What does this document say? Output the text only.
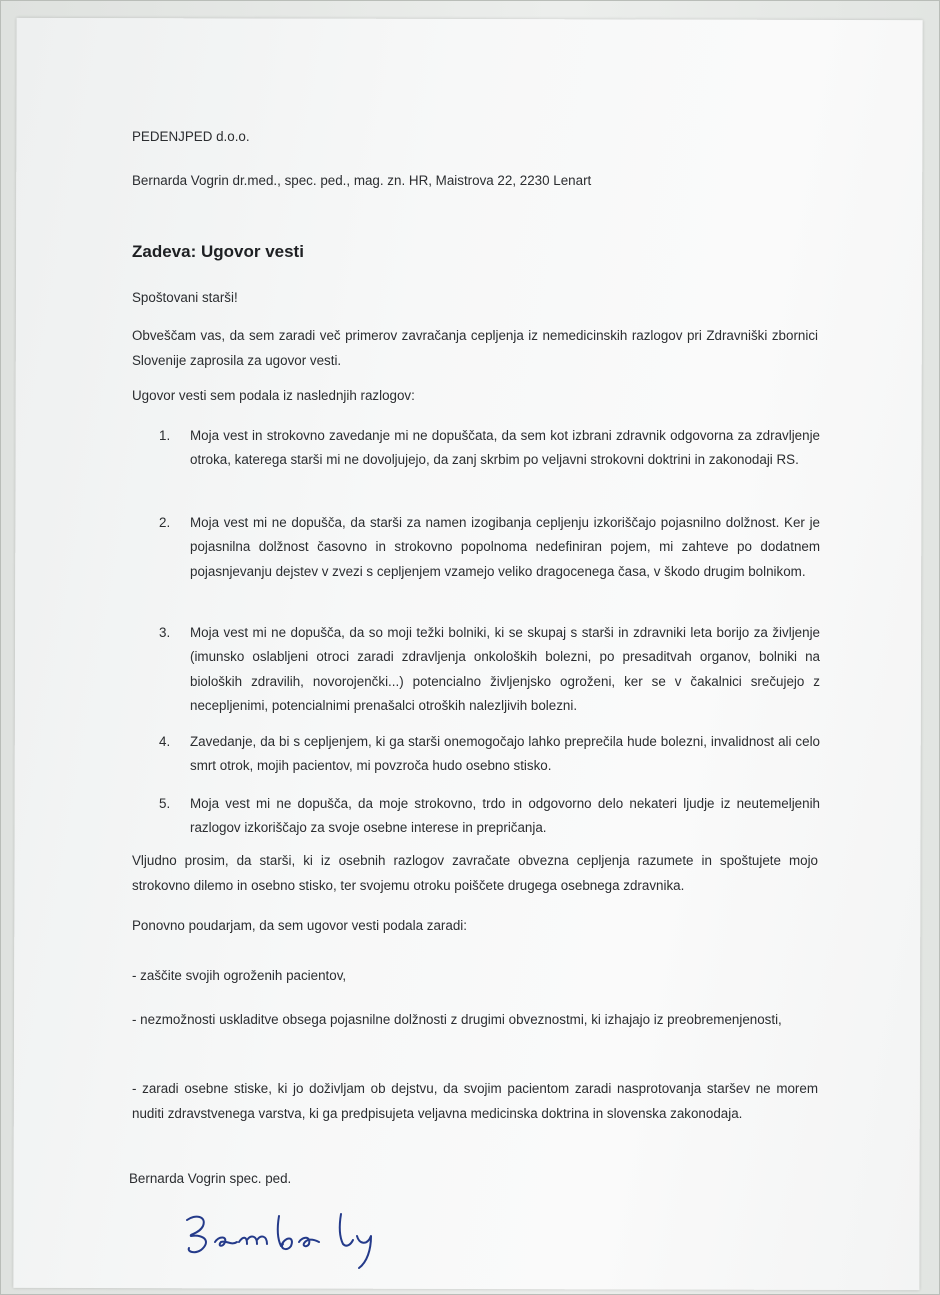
PEDENJPED d.o.o.
Bernarda Vogrin dr.med., spec. ped., mag. zn. HR, Maistrova 22, 2230 Lenart
Zadeva: Ugovor vesti
Spoštovani starši!
Obveščam vas, da sem zaradi več primerov zavračanja cepljenja iz nemedicinskih razlogov pri Zdravniški zbornici Slovenije zaprosila za ugovor vesti.
Ugovor vesti sem podala iz naslednjih razlogov:
1.	Moja vest in strokovno zavedanje mi ne dopuščata, da sem kot izbrani zdravnik odgovorna za zdravljenje otroka, katerega starši mi ne dovoljujejo, da zanj skrbim po veljavni strokovni doktrini in zakonodaji RS.
2.	Moja vest mi ne dopušča, da starši za namen izogibanja cepljenju izkoriščajo pojasnilno dolžnost. Ker je pojasnilna dolžnost časovno in strokovno popolnoma nedefiniran pojem, mi zahteve po dodatnem pojasnjevanju dejstev v zvezi s cepljenjem vzamejo veliko dragocenega časa, v škodo drugim bolnikom.
3.	Moja vest mi ne dopušča, da so moji težki bolniki, ki se skupaj s starši in zdravniki leta borijo za življenje (imunsko oslabljeni otroci zaradi zdravljenja onkoloških bolezni, po presaditvah organov, bolniki na bioloških zdravilih, novorojenčki...) potencialno življenjsko ogroženi, ker se v čakalnici srečujejo z necepljenimi, potencialnimi prenašalci otroških nalezljivih bolezni.
4.	Zavedanje, da bi s cepljenjem, ki ga starši onemogočajo lahko preprečila hude bolezni, invalidnost ali celo smrt otrok, mojih pacientov, mi povzroča hudo osebno stisko.
5.	Moja vest mi ne dopušča, da moje strokovno, trdo in odgovorno delo nekateri ljudje iz neutemeljenih razlogov izkoriščajo za svoje osebne interese in prepričanja.
Vljudno prosim, da starši, ki iz osebnih razlogov zavračate obvezna cepljenja razumete in spoštujete mojo strokovno dilemo in osebno stisko, ter svojemu otroku poiščete drugega osebnega zdravnika.
Ponovno poudarjam, da sem ugovor vesti podala zaradi:
- zaščite svojih ogroženih pacientov,
- nezmožnosti uskladitve obsega pojasnilne dolžnosti z drugimi obveznostmi, ki izhajajo iz preobremenjenosti,
- zaradi osebne stiske, ki jo doživljam ob dejstvu, da svojim pacientom zaradi nasprotovanja staršev ne morem nuditi zdravstvenega varstva, ki ga predpisujeta veljavna medicinska doktrina in slovenska zakonodaja.
Bernarda Vogrin spec. ped.
